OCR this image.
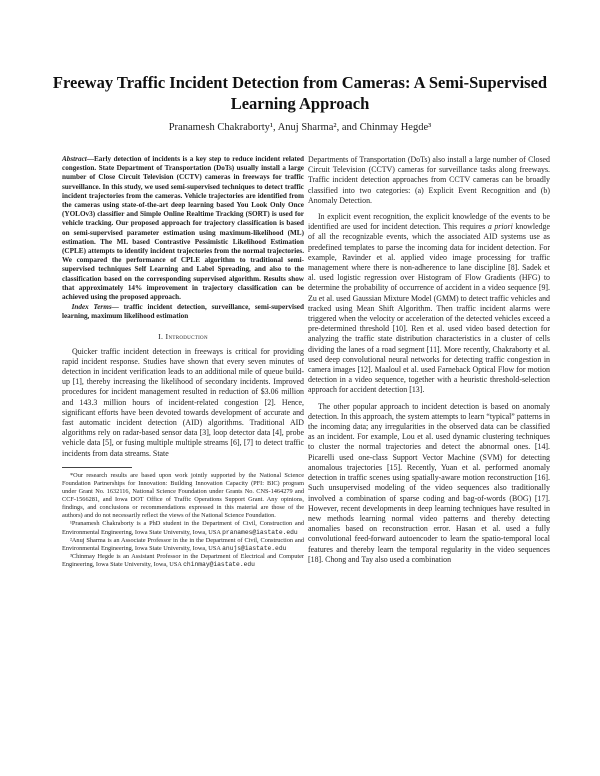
Freeway Traffic Incident Detection from Cameras: A Semi-Supervised Learning Approach
Pranamesh Chakraborty¹, Anuj Sharma², and Chinmay Hegde³

Abstract—Early detection of incidents is a key step to reduce incident related congestion. State Department of Transportation (DoTs) usually install a large number of Close Circuit Television (CCTV) cameras in freeways for traffic surveillance. In this study, we used semi-supervised techniques to detect traffic incident trajectories from the cameras. Vehicle trajectories are identified from the cameras using state-of-the-art deep learning based You Look Only Once (YOLOv3) classifier and Simple Online Realtime Tracking (SORT) is used for vehicle tracking. Our proposed approach for trajectory classification is based on semi-supervised parameter estimation using maximum-likelihood (ML) estimation. The ML based Contrastive Pessimistic Likelihood Estimation (CPLE) attempts to identify incident trajectories from the normal trajectories. We compared the performance of CPLE algorithm to traditional semi-supervised techniques Self Learning and Label Spreading, and also to the classification based on the corresponding supervised algorithm. Results show that approximately 14% improvement in trajectory classification can be achieved using the proposed approach.

Index Terms— traffic incident detection, surveillance, semi-supervised learning, maximum likelihood estimation

I. Introduction

Quicker traffic incident detection in freeways is critical for providing rapid incident response. Studies have shown that every seven minutes of detection in incident verification leads to an additional mile of queue build-up [1], thereby increasing the likelihood of secondary incidents. Improved procedures for incident management resulted in reduction of $3.06 million and 143.3 million hours of incident-related congestion [2]. Hence, significant efforts have been devoted towards development of accurate and fast automatic incident detection (AID) algorithms. Traditional AID algorithms rely on radar-based sensor data [3], loop detector data [4], probe vehicle data [5], or fusing multiple multiple streams [6], [7] to detect traffic incidents from data streams. State

*Our research results are based upon work jointly supported by the National Science Foundation Partnerships for Innovation: Building Innovation Capacity (PFI: BIC) program under Grant No. 1632116, National Science Foundation under Grants No. CNS-1464279 and CCF-1566281, and Iowa DOT Office of Traffic Operations Support Grant. Any opinions, findings, and conclusions or recommendations expressed in this material are those of the authors) and do not necessarily reflect the views of the National Science Foundation.

¹Pranamesh Chakraborty is a PhD student in the Department of Civil, Construction and Environmental Engineering, Iowa State University, Iowa, USA pranames@iastate.edu

²Anuj Sharma is an Associate Professor in the in the Department of Civil, Construction and Environmental Engineering, Iowa State University, Iowa, USA anujs@iastate.edu

³Chinmay Hegde is an Assistant Professor in the Department of Electrical and Computer Engineering, Iowa State University, Iowa, USA chinmay@iastate.edu

Departments of Transportation (DoTs) also install a large number of Closed Circuit Television (CCTV) cameras for surveillance tasks along freeways. Traffic incident detection approaches from CCTV cameras can be broadly classified into two categories: (a) Explicit Event Recognition and (b) Anomaly Detection.

In explicit event recognition, the explicit knowledge of the events to be identified are used for incident detection. This requires a priori knowledge of all the recognizable events, which the associated AID systems use as predefined templates to parse the incoming data for incident detection. For example, Ravinder et al. applied video image processing for traffic management where there is non-adherence to lane discipline [8]. Sadek et al. used logistic regression over Histogram of Flow Gradients (HFG) to determine the probability of occurrence of accident in a video sequence [9]. Zu et al. used Gaussian Mixture Model (GMM) to detect traffic vehicles and tracked using Mean Shift Algorithm. Then traffic incident alarms were triggered when the velocity or acceleration of the detected vehicles exceed a pre-determined threshold [10]. Ren et al. used video based detection for analyzing the traffic state distribution characteristics in a cluster of cells dividing the lanes of a road segment [11]. More recently, Chakraborty et al. used deep convolutional neural networks for detecting traffic congestion in camera images [12]. Maaloul et al. used Farneback Optical Flow for motion detection in a video sequence, together with a heuristic threshold-selection approach for accident detection [13].

The other popular approach to incident detection is based on anomaly detection. In this approach, the system attempts to learn “typical” patterns in the incoming data; any irregularities in the observed data can be classified as an incident. For example, Lou et al. used dynamic clustering techniques to cluster the normal trajectories and detect the abnormal ones. [14]. Picarelli used one-class Support Vector Machine (SVM) for detecting anomalous trajectories [15]. Recently, Yuan et al. performed anomaly detection in traffic scenes using spatially-aware motion reconstruction [16]. Such unsupervised modeling of the video sequences also traditionally involved a combination of sparse coding and bag-of-words (BOG) [17]. However, recent developments in deep learning techniques have resulted in new methods learning normal video patterns and thereby detecting anomalies based on reconstruction error. Hasan et al. used a fully convolutional feed-forward autoencoder to learn the spatio-temporal local features and thereby learn the temporal regularity in the video sequences [18]. Chong and Tay also used a combination
